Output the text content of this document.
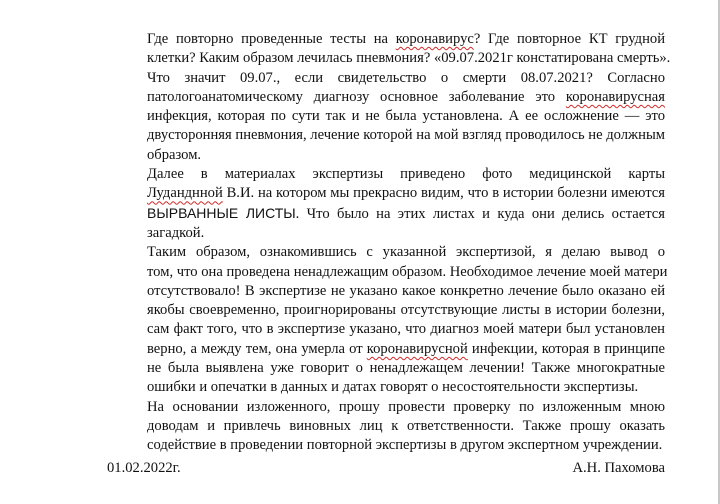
Где повторно проведенные тесты на коронавирус? Где повторное КТ грудной
клетки? Каким образом лечилась пневмония? «09.07.2021г констатирована смерть».
Что значит 09.07., если свидетельство о смерти 08.07.2021? Согласно
патологоанатомическому диагнозу основное заболевание это коронавирусная
инфекция, которая по сути так и не была установлена. А ее осложнение — это
двусторонняя пневмония, лечение которой на мой взгляд проводилось не должным
образом.

Далее в материалах экспертизы приведено фото медицинской карты
Луданднной В.И. на котором мы прекрасно видим, что в истории болезни имеются
ВЫРВАННЫЕ ЛИСТЫ. Что было на этих листах и куда они делись остается
загадкой.

Таким образом, ознакомившись с указанной экспертизой, я делаю вывод о
том, что она проведена ненадлежащим образом. Необходимое лечение моей матери
отсутствовало! В экспертизе не указано какое конкретно лечение было оказано ей
якобы своевременно, проигнорированы отсутствующие листы в истории болезни,
сам факт того, что в экспертизе указано, что диагноз моей матери был установлен
верно, а между тем, она умерла от коронавирусной инфекции, которая в принципе
не была выявлена уже говорит о ненадлежащем лечении! Также многократные
ошибки и опечатки в данных и датах говорят о несостоятельности экспертизы.

На основании изложенного, прошу провести проверку по изложенным мною
доводам и привлечь виновных лиц к ответственности. Также прошу оказать
содействие в проведении повторной экспертизы в другом экспертном учреждении.

01.02.2022г.	А.Н. Пахомова
